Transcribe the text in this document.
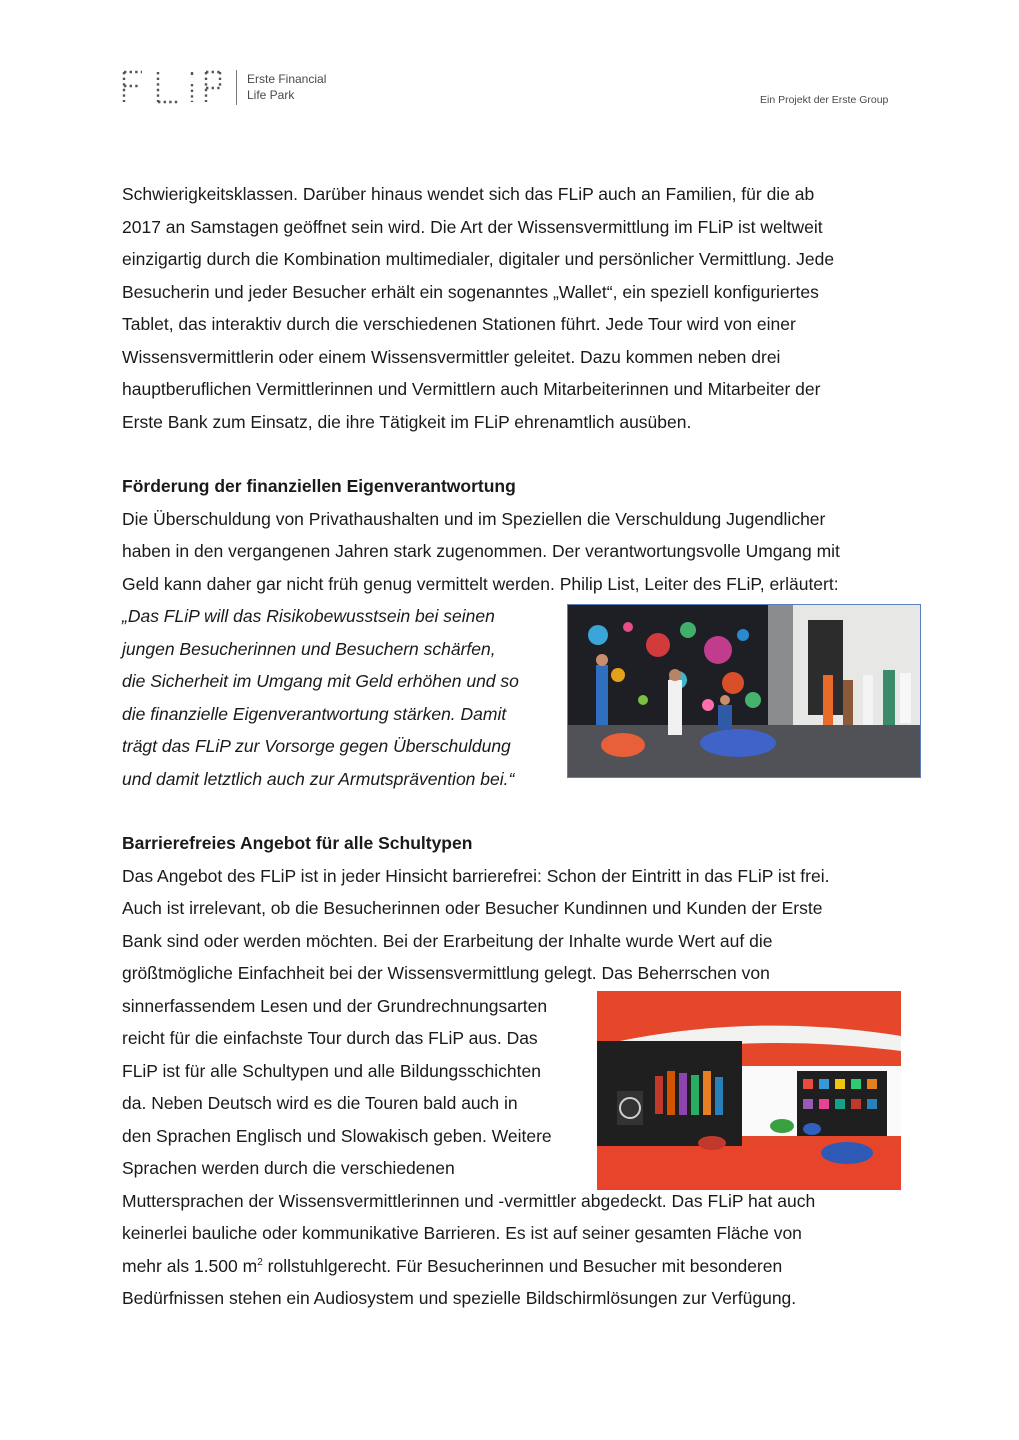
Erste Financial
Life Park	Ein Projekt der Erste Group
Schwierigkeitsklassen. Darüber hinaus wendet sich das FLiP auch an Familien, für die ab
2017 an Samstagen geöffnet sein wird. Die Art der Wissensvermittlung im FLiP ist weltweit
einzigartig durch die Kombination multimedialer, digitaler und persönlicher Vermittlung. Jede
Besucherin und jeder Besucher erhält ein sogenanntes „Wallet“, ein speziell konfiguriertes
Tablet, das interaktiv durch die verschiedenen Stationen führt. Jede Tour wird von einer
Wissensvermittlerin oder einem Wissensvermittler geleitet. Dazu kommen neben drei
hauptberuflichen Vermittlerinnen und Vermittlern auch Mitarbeiterinnen und Mitarbeiter der
Erste Bank zum Einsatz, die ihre Tätigkeit im FLiP ehrenamtlich ausüben.
Förderung der finanziellen Eigenverantwortung
Die Überschuldung von Privathaushalten und im Speziellen die Verschuldung Jugendlicher
haben in den vergangenen Jahren stark zugenommen. Der verantwortungsvolle Umgang mit
Geld kann daher gar nicht früh genug vermittelt werden. Philip List, Leiter des FLiP, erläutert:
„Das FLiP will das Risikobewusstsein bei seinen
jungen Besucherinnen und Besuchern schärfen,
die Sicherheit im Umgang mit Geld erhöhen und so
die finanzielle Eigenverantwortung stärken. Damit
trägt das FLiP zur Vorsorge gegen Überschuldung
und damit letztlich auch zur Armutsprävention bei.“
Barrierefreies Angebot für alle Schultypen
Das Angebot des FLiP ist in jeder Hinsicht barrierefrei: Schon der Eintritt in das FLiP ist frei.
Auch ist irrelevant, ob die Besucherinnen oder Besucher Kundinnen und Kunden der Erste
Bank sind oder werden möchten. Bei der Erarbeitung der Inhalte wurde Wert auf die
größtmögliche Einfachheit bei der Wissensvermittlung gelegt. Das Beherrschen von
sinnerfassendem Lesen und der Grundrechnungsarten
reicht für die einfachste Tour durch das FLiP aus. Das
FLiP ist für alle Schultypen und alle Bildungsschichten
da. Neben Deutsch wird es die Touren bald auch in
den Sprachen Englisch und Slowakisch geben. Weitere
Sprachen werden durch die verschiedenen
Muttersprachen der Wissensvermittlerinnen und -vermittler abgedeckt. Das FLiP hat auch
keinerlei bauliche oder kommunikative Barrieren. Es ist auf seiner gesamten Fläche von
mehr als 1.500 $m^2$ rollstuhlgerecht. Für Besucherinnen und Besucher mit besonderen
Bedürfnissen stehen ein Audiosystem und spezielle Bildschirmlösungen zur Verfügung.
